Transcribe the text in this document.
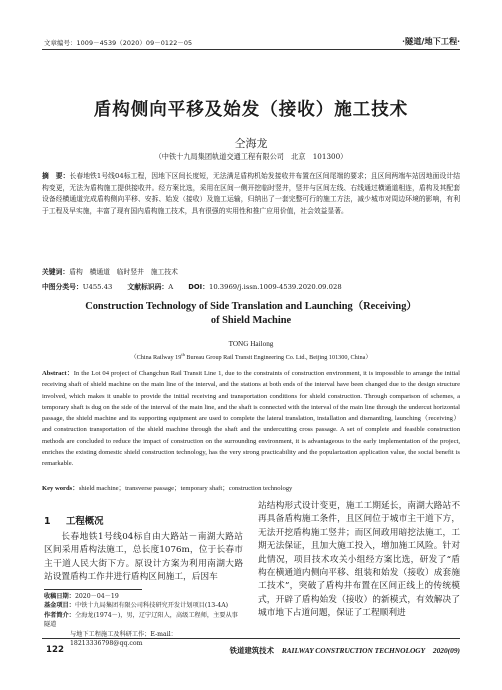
文章编号：1009－4539（2020）09－0122－05	·隧道/地下工程·
盾构侧向平移及始发（接收）施工技术
仝海龙
（中铁十九局集团轨道交通工程有限公司　北京　101300）
摘　要：长春地铁1号线04标工程，因地下区间长度短，无法满足盾构机始发接收井布置在区间尾端的要求；且区间两端车站因地面设计结构变更，无法为盾构施工提供接收井。经方案比选，采用在区间一侧开挖临时竖井，竖井与区间左线、右线通过横通道相连，盾构及其配套设备经横通道完成盾构侧向平移、安拆、始发（接收）及施工运输，归纳出了一套完整可行的施工方法，减少城市对周边环境的影响，有利于工程及早实施，丰富了现有国内盾构施工技术，具有很强的实用性和推广应用价值，社会效益显著。
关键词：盾构　横通道　临时竖井　施工技术
中图分类号：U455.43 文献标识码：A DOI：10.3969/j.issn.1009-4539.2020.09.028
Construction Technology of Side Translation and Launching（Receiving）
of Shield Machine
TONG Hailong
（China Railway 19th Bureau Group Rail Transit Engineering Co. Ltd., Beijing 101300, China）
Abstract：In the Lot 04 project of Changchun Rail Transit Line 1, due to the constraints of construction environment, it is impossible to arrange the initial receiving shaft of shield machine on the main line of the interval, and the stations at both ends of the interval have been changed due to the design structure involved, which makes it unable to provide the initial receiving and transportation conditions for shield construction. Through comparison of schemes, a temporary shaft is dug on the side of the interval of the main line, and the shaft is connected with the interval of the main line through the undercut horizontal passage, the shield machine and its supporting equipment are used to complete the lateral translation, installation and dismantling, launching（receiving）and construction transportation of the shield machine through the shaft and the undercutting cross passage. A set of complete and feasible construction methods are concluded to reduce the impact of construction on the surrounding environment, it is advantageous to the early implementation of the project, enriches the existing domestic shield construction technology, has the very strong practicability and the popularization application value, the social benefit is remarkable.
Key words：shield machine；transverse passage；temporary shaft；construction technology
站结构形式设计变更，施工工期延长，南湖大路站不再具备盾构施工条件，且区间位于城市主干道下方，无法开挖盾构施工竖井；而区间政用暗挖法施工，工期无法保证，且加大施工投入，增加施工风险。针对此情况，项目技术攻关小组经方案比选，研发了“盾构在横通道内侧向平移、组装和始发（接收）成套施工技术”，突破了盾构井布置在区间正线上的传统模式，开辟了盾构始发（接收）的新模式，有效解决了城市地下占道问题，保证了工程顺利进
1 工程概况
长春地铁1号线04标自由大路站－南湖大路站区间采用盾构法施工，总长度1076m，位于长春市主干道人民大街下方。原设计方案为利用南湖大路站设置盾构工作井进行盾构区间施工，后因车
收稿日期：2020－04－19
基金项目：中铁十九局集团有限公司科技研究开发计划项目(13-4A)
作者简介：仝海龙(1974－)，男，辽宁辽阳人，高级工程师，主要从事隧道
与地下工程施工及科研工作；E-mail：18213336798@qq.com
122	铁道建筑技术 RAILWAY CONSTRUCTION TECHNOLOGY 2020(09)
